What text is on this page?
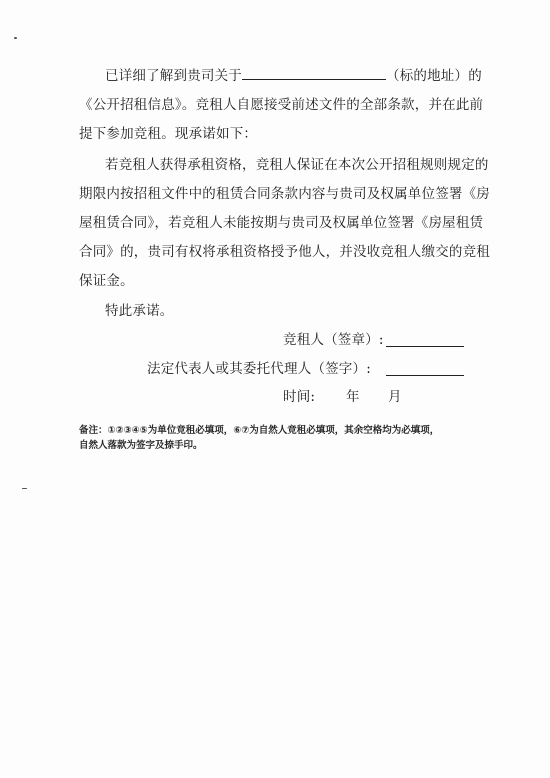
已详细了解到贵司关于	（标的地址）的
《公开招租信息》。竞租人自愿接受前述文件的全部条款，并在此前
提下参加竞租。现承诺如下：
若竞租人获得承租资格，竞租人保证在本次公开招租规则规定的
期限内按招租文件中的租赁合同条款内容与贵司及权属单位签署《房
屋租赁合同》，若竞租人未能按期与贵司及权属单位签署《房屋租赁
合同》的，贵司有权将承租资格授予他人，并没收竞租人缴交的竞租
保证金。
特此承诺。
竞租人（签章）:
法定代表人或其委托代理人（签字）:
时间: 年 月
备注：①②③④⑤为单位竞租必填项，⑥⑦为自然人竞租必填项，其余空格均为必填项，
自然人落款为签字及捺手印。
